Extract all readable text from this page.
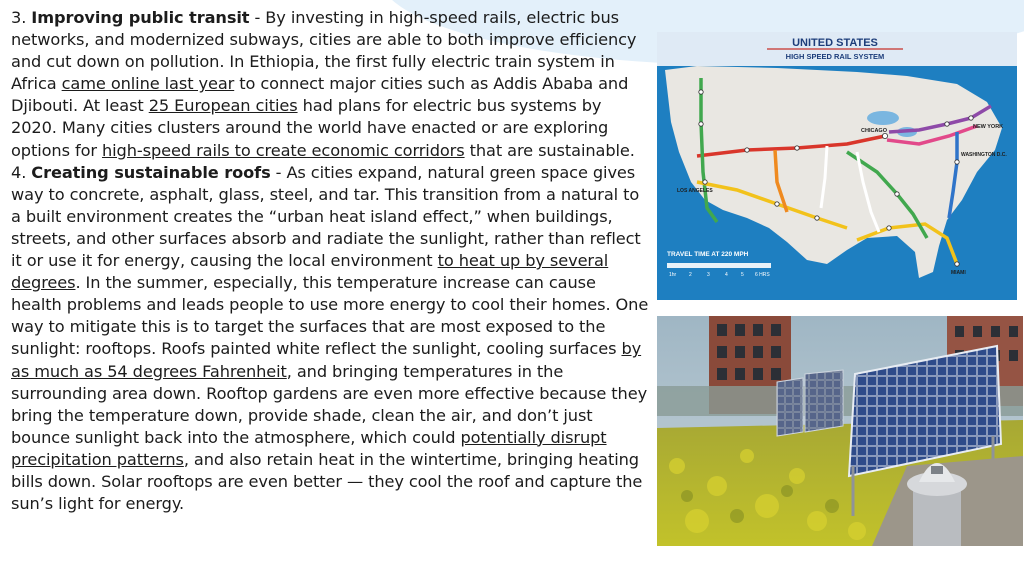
3. Improving public transit - By investing in high-speed rails, electric bus networks, and modernized subways, cities are able to both improve efficiency and cut down on pollution. In Ethiopia, the first fully electric train system in Africa came online last year to connect major cities such as Addis Ababa and Djibouti. At least 25 European cities had plans for electric bus systems by 2020. Many cities clusters around the world have enacted or are exploring options for high-speed rails to create economic corridors that are sustainable.

4. Creating sustainable roofs - As cities expand, natural green space gives way to concrete, asphalt, glass, steel, and tar. This transition from a natural to a built environment creates the “urban heat island effect,” when buildings, streets, and other surfaces absorb and radiate the sunlight, rather than reflect it or use it for energy, causing the local environment to heat up by several degrees. In the summer, especially, this temperature increase can cause health problems and leads people to use more energy to cool their homes. One way to mitigate this is to target the surfaces that are most exposed to the sunlight: rooftops. Roofs painted white reflect the sunlight, cooling surfaces by as much as 54 degrees Fahrenheit, and bringing temperatures in the surrounding area down. Rooftop gardens are even more effective because they bring the temperature down, provide shade, clean the air, and don’t just bounce sunlight back into the atmosphere, which could potentially disrupt precipitation patterns, and also retain heat in the wintertime, bringing heating bills down. Solar rooftops are even better — they cool the roof and capture the sun’s light for energy.

UNITED STATES
HIGH SPEED RAIL SYSTEM
CHICAGO
NEW YORK
WASHINGTON D.C.
LOS ANGELES
MIAMI
TRAVEL TIME AT 220 MPH
1hr	2	3	4	5 6 HRS
